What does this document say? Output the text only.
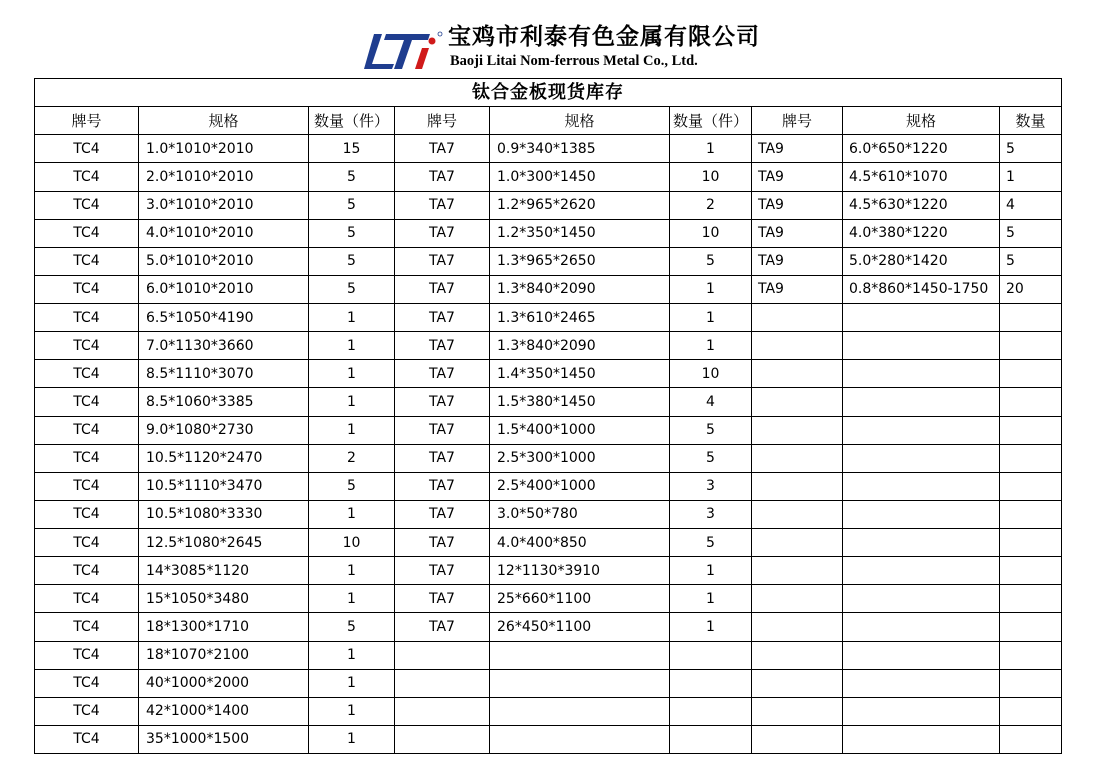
宝鸡市利泰有色金属有限公司
Baoji Litai Nom-ferrous Metal Co., Ltd.
钛合金板现货库存								
牌号	规格	数量（件）	牌号	规格	数量（件）	牌号	规格	数量
TC4	1.0*1010*2010	15	TA7	0.9*340*1385	1	TA9	6.0*650*1220	5
TC4	2.0*1010*2010	5	TA7	1.0*300*1450	10	TA9	4.5*610*1070	1
TC4	3.0*1010*2010	5	TA7	1.2*965*2620	2	TA9	4.5*630*1220	4
TC4	4.0*1010*2010	5	TA7	1.2*350*1450	10	TA9	4.0*380*1220	5
TC4	5.0*1010*2010	5	TA7	1.3*965*2650	5	TA9	5.0*280*1420	5
TC4	6.0*1010*2010	5	TA7	1.3*840*2090	1	TA9	0.8*860*1450-1750	20
TC4	6.5*1050*4190	1	TA7	1.3*610*2465	1			
TC4	7.0*1130*3660	1	TA7	1.3*840*2090	1			
TC4	8.5*1110*3070	1	TA7	1.4*350*1450	10			
TC4	8.5*1060*3385	1	TA7	1.5*380*1450	4			
TC4	9.0*1080*2730	1	TA7	1.5*400*1000	5			
TC4	10.5*1120*2470	2	TA7	2.5*300*1000	5			
TC4	10.5*1110*3470	5	TA7	2.5*400*1000	3			
TC4	10.5*1080*3330	1	TA7	3.0*50*780	3			
TC4	12.5*1080*2645	10	TA7	4.0*400*850	5			
TC4	14*3085*1120	1	TA7	12*1130*3910	1			
TC4	15*1050*3480	1	TA7	25*660*1100	1			
TC4	18*1300*1710	5	TA7	26*450*1100	1			
TC4	18*1070*2100	1						
TC4	40*1000*2000	1						
TC4	42*1000*1400	1						
TC4	35*1000*1500	1						
